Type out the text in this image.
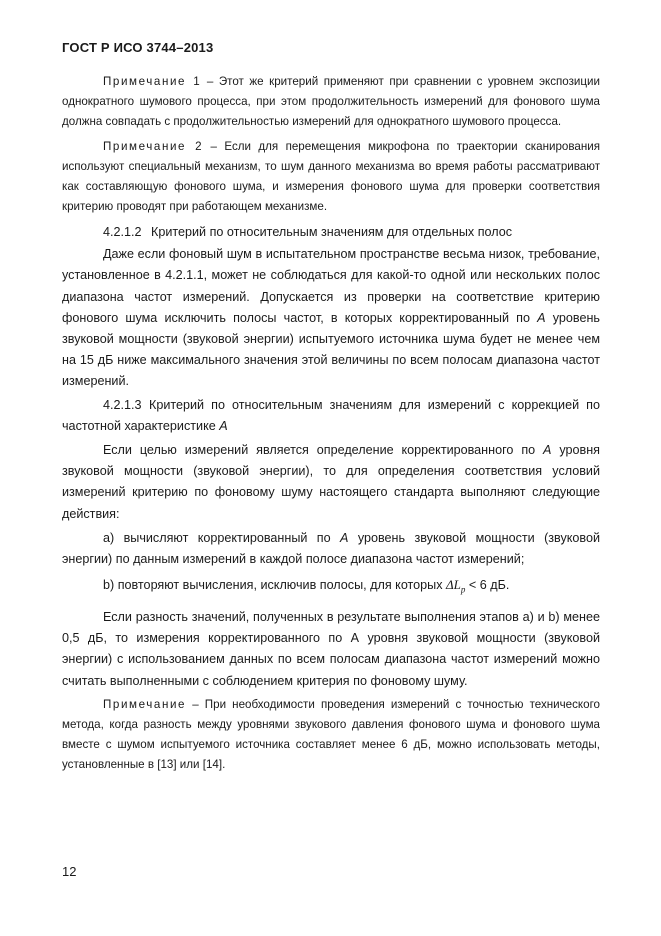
ГОСТ Р ИСО 3744–2013

Примечание 1 – Этот же критерий применяют при сравнении с уровнем экспозиции однократного шумового процесса, при этом продолжительность измерений для фонового шума должна совпадать с продолжительностью измерений для однократного шумового процесса.

Примечание 2 – Если для перемещения микрофона по траектории сканирования используют специальный механизм, то шум данного механизма во время работы рассматривают как составляющую фонового шума, и измерения фонового шума для проверки соответствия критерию проводят при работающем механизме.

4.2.1.2 Критерий по относительным значениям для отдельных полос

Даже если фоновый шум в испытательном пространстве весьма низок, требование, установленное в 4.2.1.1, может не соблюдаться для какой-то одной или нескольких полос диапазона частот измерений. Допускается из проверки на соответствие критерию фонового шума исключить полосы частот, в которых корректированный по А уровень звуковой мощности (звуковой энергии) испытуемого источника шума будет не менее чем на 15 дБ ниже максимального значения этой величины по всем полосам диапазона частот измерений.

4.2.1.3 Критерий по относительным значениям для измерений с коррекцией по частотной характеристике А

Если целью измерений является определение корректированного по А уровня звуковой мощности (звуковой энергии), то для определения соответствия условий измерений критерию по фоновому шуму настоящего стандарта выполняют следующие действия:

a) вычисляют корректированный по А уровень звуковой мощности (звуковой энергии) по данным измерений в каждой полосе диапазона частот измерений;

b) повторяют вычисления, исключив полосы, для которых $\Delta L_p < 6$ дБ.

Если разность значений, полученных в результате выполнения этапов a) и b) менее 0,5 дБ, то измерения корректированного по А уровня звуковой мощности (звуковой энергии) с использованием данных по всем полосам диапазона частот измерений можно считать выполненными с соблюдением критерия по фоновому шуму.

Примечание – При необходимости проведения измерений с точностью технического метода, когда разность между уровнями звукового давления фонового шума и фонового шума вместе с шумом испытуемого источника составляет менее 6 дБ, можно использовать методы, установленные в [13] или [14].

12
